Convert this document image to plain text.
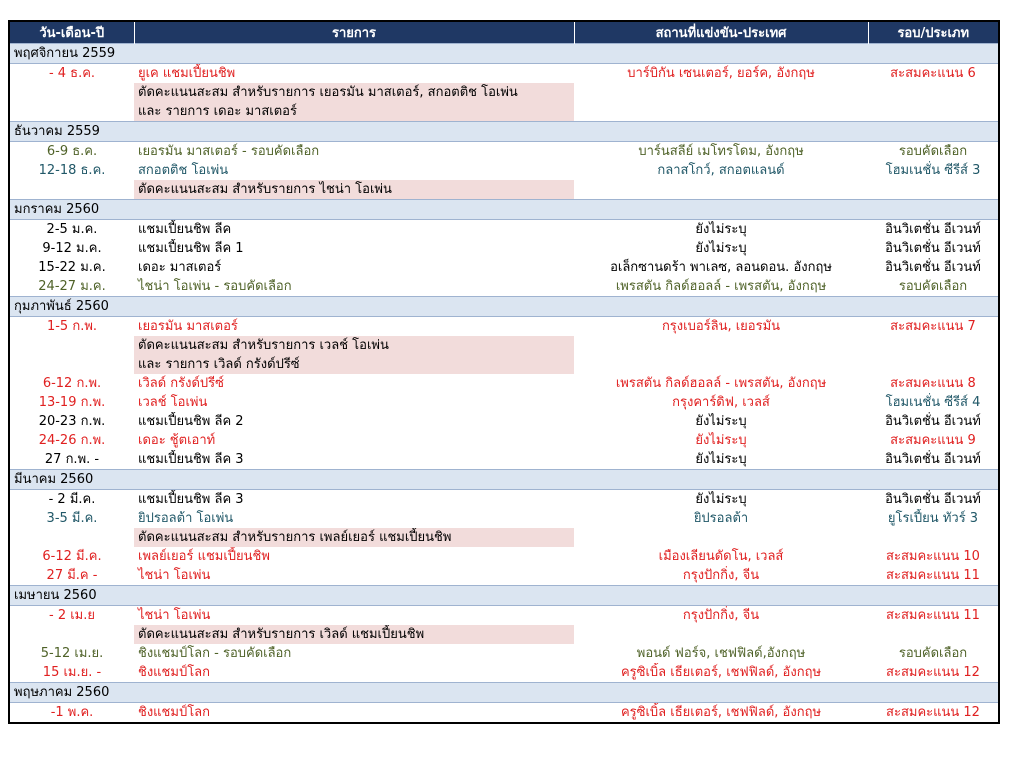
วัน-เดือน-ปี	รายการ	สถานที่แข่งขัน-ประเทศ	รอบ/ประเภท
พฤศจิกายน 2559			
- 4 ธ.ค.	ยูเค แชมเปี้ยนชิพ	บาร์บิกัน เซนเตอร์, ยอร์ค, อังกฤษ	สะสมคะแนน 6
	ตัดคะแนนสะสม สำหรับรายการ เยอรมัน มาสเตอร์, สกอตติช โอเพ่น		
	และ รายการ เดอะ มาสเตอร์		
ธันวาคม 2559			
6-9 ธ.ค.	เยอรมัน มาสเตอร์ - รอบคัดเลือก	บาร์นสลีย์ เมโทรโดม, อังกฤษ	รอบคัดเลือก
12-18 ธ.ค.	สกอตติช โอเพ่น	กลาสโกว์, สกอตแลนด์	โฮมเนชั่น ซีรีส์ 3
	ตัดคะแนนสะสม สำหรับรายการ ไชน่า โอเพ่น		
มกราคม 2560			
2-5 ม.ค.	แชมเปี้ยนชิพ ลีค	ยังไม่ระบุ	อินวิเตชั่น อีเวนท์
9-12 ม.ค.	แชมเปี้ยนชิพ ลีค 1	ยังไม่ระบุ	อินวิเตชั่น อีเวนท์
15-22 ม.ค.	เดอะ มาสเตอร์	อเล็กซานดร้า พาเลซ, ลอนดอน. อังกฤษ	อินวิเตชั่น อีเวนท์
24-27 ม.ค.	ไชน่า โอเพ่น - รอบคัดเลือก	เพรสตัน กิลด์ฮอลล์ - เพรสตัน, อังกฤษ	รอบคัดเลือก
กุมภาพันธ์ 2560			
1-5 ก.พ.	เยอรมัน มาสเตอร์	กรุงเบอร์ลิน, เยอรมัน	สะสมคะแนน 7
	ตัดคะแนนสะสม สำหรับรายการ เวลช์ โอเพ่น		
	และ รายการ เวิลด์ กรังด์ปรีซ์		
6-12 ก.พ.	เวิลด์ กรังด์ปรีซ์	เพรสตัน กิลด์ฮอลล์ - เพรสตัน, อังกฤษ	สะสมคะแนน 8
13-19 ก.พ.	เวลช์ โอเพ่น	กรุงคาร์ดิฟ, เวลส์	โฮมเนชั่น ซีรีส์ 4
20-23 ก.พ.	แชมเปี้ยนชิพ ลีค 2	ยังไม่ระบุ	อินวิเตชั่น อีเวนท์
24-26 ก.พ.	เดอะ ชู้ตเอาท์	ยังไม่ระบุ	สะสมคะแนน 9
27 ก.พ. -	แชมเปี้ยนชิพ ลีค 3	ยังไม่ระบุ	อินวิเตชั่น อีเวนท์
มีนาคม 2560			
- 2 มี.ค.	แชมเปี้ยนชิพ ลีค 3	ยังไม่ระบุ	อินวิเตชั่น อีเวนท์
3-5 มี.ค.	ยิปรอลต้า โอเพ่น	ยิปรอลต้า	ยูโรเปี้ยน ทัวร์ 3
	ตัดคะแนนสะสม สำหรับรายการ เพลย์เยอร์ แชมเปี้ยนชิพ		
6-12 มี.ค.	เพลย์เยอร์ แชมเปี้ยนชิพ	เมืองเลียนดัดโน, เวลส์	สะสมคะแนน 10
27 มี.ค -	ไชน่า โอเพ่น	กรุงปักกิ่ง, จีน	สะสมคะแนน 11
เมษายน 2560			
- 2 เม.ย	ไชน่า โอเพ่น	กรุงปักกิ่ง, จีน	สะสมคะแนน 11
	ตัดคะแนนสะสม สำหรับรายการ เวิลด์ แชมเปี้ยนชิพ		
5-12 เม.ย.	ชิงแชมป์โลก - รอบคัดเลือก	พอนด์ ฟอร์จ, เชฟฟิลด์,อังกฤษ	รอบคัดเลือก
15 เม.ย. -	ชิงแชมป์โลก	ครูซิเบิ้ล เธียเตอร์, เชฟฟิลด์, อังกฤษ	สะสมคะแนน 12
พฤษภาคม 2560			
-1 พ.ค.	ชิงแชมป์โลก	ครูซิเบิ้ล เธียเตอร์, เชฟฟิลด์, อังกฤษ	สะสมคะแนน 12
